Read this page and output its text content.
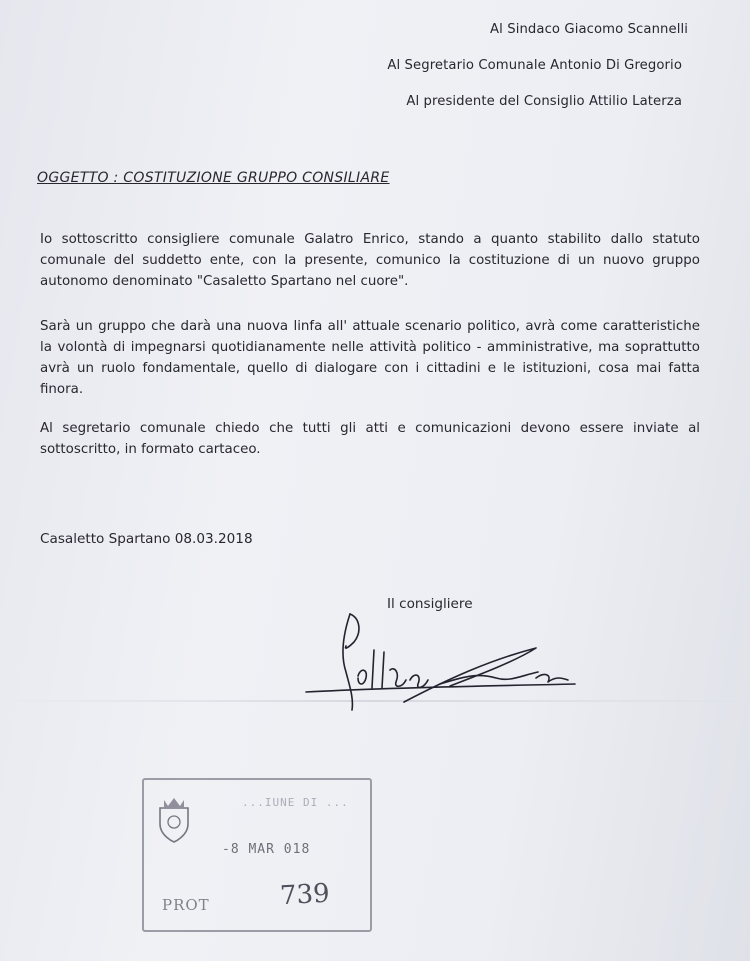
Al Sindaco Giacomo Scannelli
Al Segretario Comunale Antonio Di Gregorio
Al presidente del Consiglio Attilio Laterza
OGGETTO : COSTITUZIONE GRUPPO CONSILIARE
Io sottoscritto consigliere comunale Galatro Enrico, stando a quanto stabilito dallo statuto comunale del suddetto ente, con la presente, comunico la costituzione di un nuovo gruppo autonomo denominato "Casaletto Spartano nel cuore".
Sarà un gruppo che darà una nuova linfa all' attuale scenario politico, avrà come caratteristiche la volontà di impegnarsi quotidianamente nelle attività politico - amministrative, ma soprattutto avrà un ruolo fondamentale, quello di dialogare con i cittadini e le istituzioni, cosa mai fatta finora.
Al segretario comunale chiedo che tutti gli atti e comunicazioni devono essere inviate al sottoscritto, in formato cartaceo.
Casaletto Spartano 08.03.2018
Il consigliere
...IUNE DI ...
-8 MAR 018
PROT	739
